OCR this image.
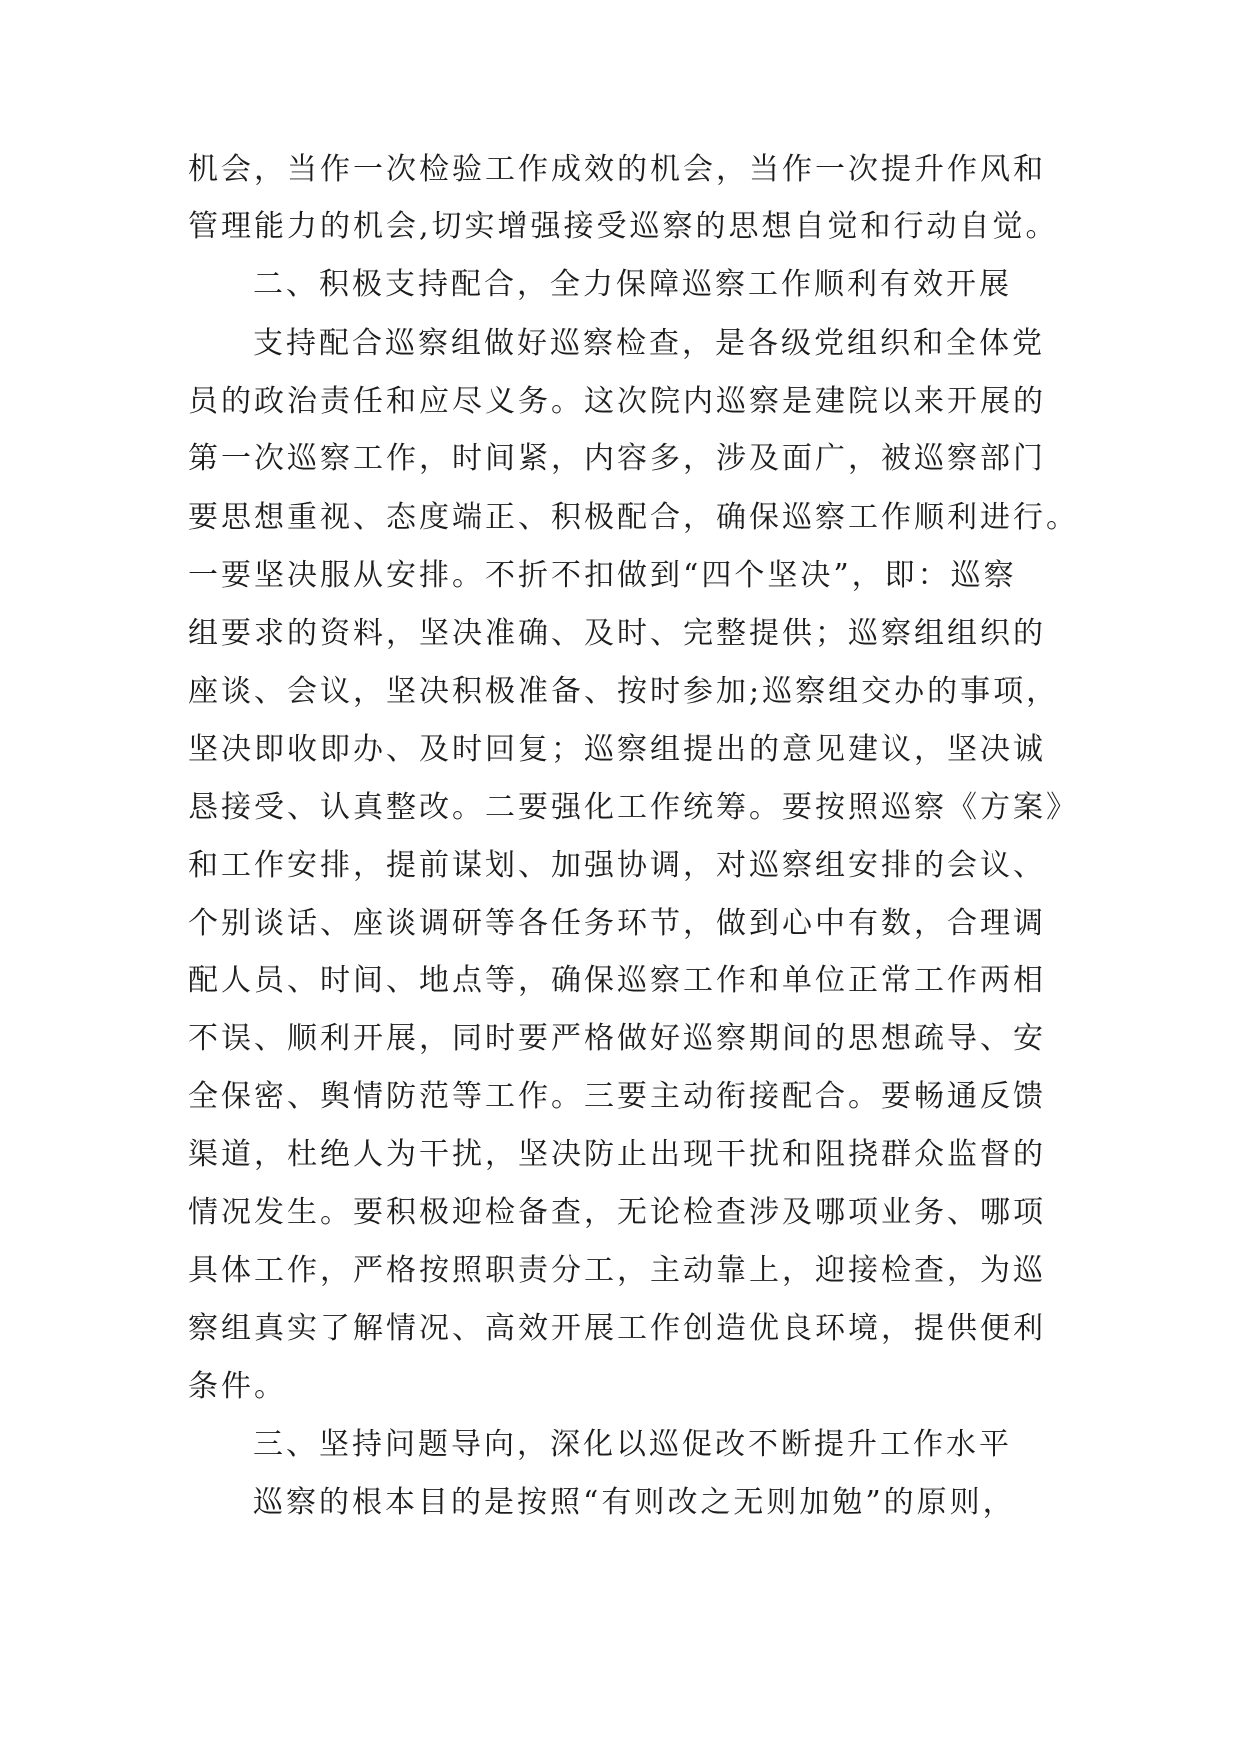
机会，当作一次检验工作成效的机会，当作一次提升作风和
管理能力的机会,切实增强接受巡察的思想自觉和行动自觉。
二、积极支持配合，全力保障巡察工作顺利有效开展
支持配合巡察组做好巡察检查，是各级党组织和全体党
员的政治责任和应尽义务。这次院内巡察是建院以来开展的
第一次巡察工作，时间紧，内容多，涉及面广，被巡察部门
要思想重视、态度端正、积极配合，确保巡察工作顺利进行。
一要坚决服从安排。不折不扣做到“四个坚决”，即：巡察
组要求的资料，坚决准确、及时、完整提供；巡察组组织的
座谈、会议，坚决积极准备、按时参加;巡察组交办的事项，
坚决即收即办、及时回复；巡察组提出的意见建议，坚决诚
恳接受、认真整改。二要强化工作统筹。要按照巡察《方案》
和工作安排，提前谋划、加强协调，对巡察组安排的会议、
个别谈话、座谈调研等各任务环节，做到心中有数，合理调
配人员、时间、地点等，确保巡察工作和单位正常工作两相
不误、顺利开展，同时要严格做好巡察期间的思想疏导、安
全保密、舆情防范等工作。三要主动衔接配合。要畅通反馈
渠道，杜绝人为干扰，坚决防止出现干扰和阻挠群众监督的
情况发生。要积极迎检备查，无论检查涉及哪项业务、哪项
具体工作，严格按照职责分工，主动靠上，迎接检查，为巡
察组真实了解情况、高效开展工作创造优良环境，提供便利
条件。
三、坚持问题导向，深化以巡促改不断提升工作水平
巡察的根本目的是按照“有则改之无则加勉”的原则，
